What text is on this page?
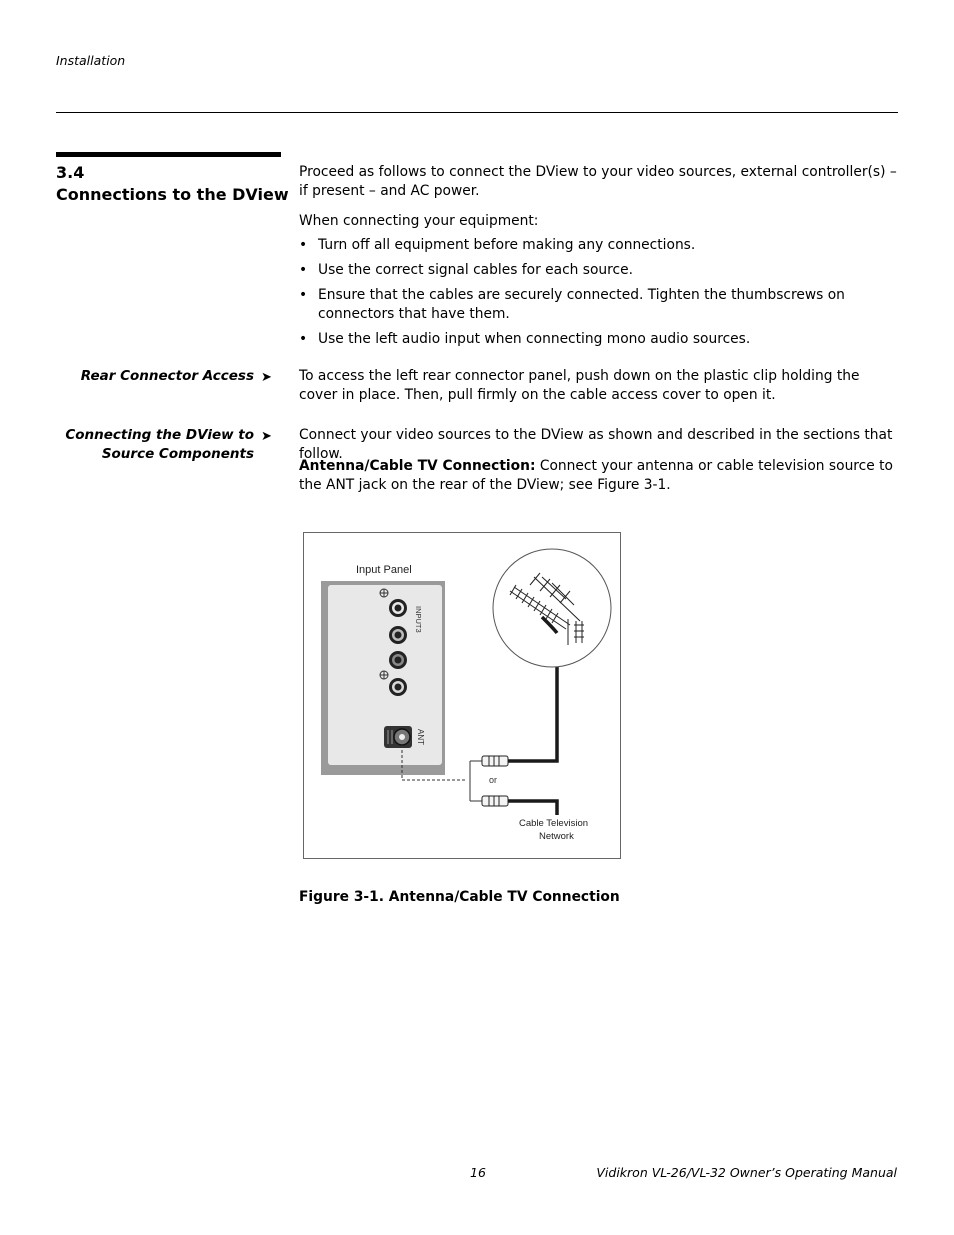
Installation
3.4
Connections to the DView
Proceed as follows to connect the DView to your video sources, external controller(s) – if present – and AC power.
When connecting your equipment:
• Turn off all equipment before making any connections.
• Use the correct signal cables for each source.
• Ensure that the cables are securely connected. Tighten the thumbscrews on connectors that have them.
• Use the left audio input when connecting mono audio sources.
Rear Connector Access ➤ To access the left rear connector panel, push down on the plastic clip holding the cover in place. Then, pull firmly on the cable access cover to open it.
Connecting the DView to
Source Components
➤ Connect your video sources to the DView as shown and described in the sections that follow.
Antenna/Cable TV Connection: Connect your antenna or cable television source to the ANT jack on the rear of the DView; see Figure 3-1.
Input Panel
INPUT3
ANT
or
Cable Television
Network
Figure 3-1. Antenna/Cable TV Connection
16	Vidikron VL-26/VL-32 Owner’s Operating Manual
